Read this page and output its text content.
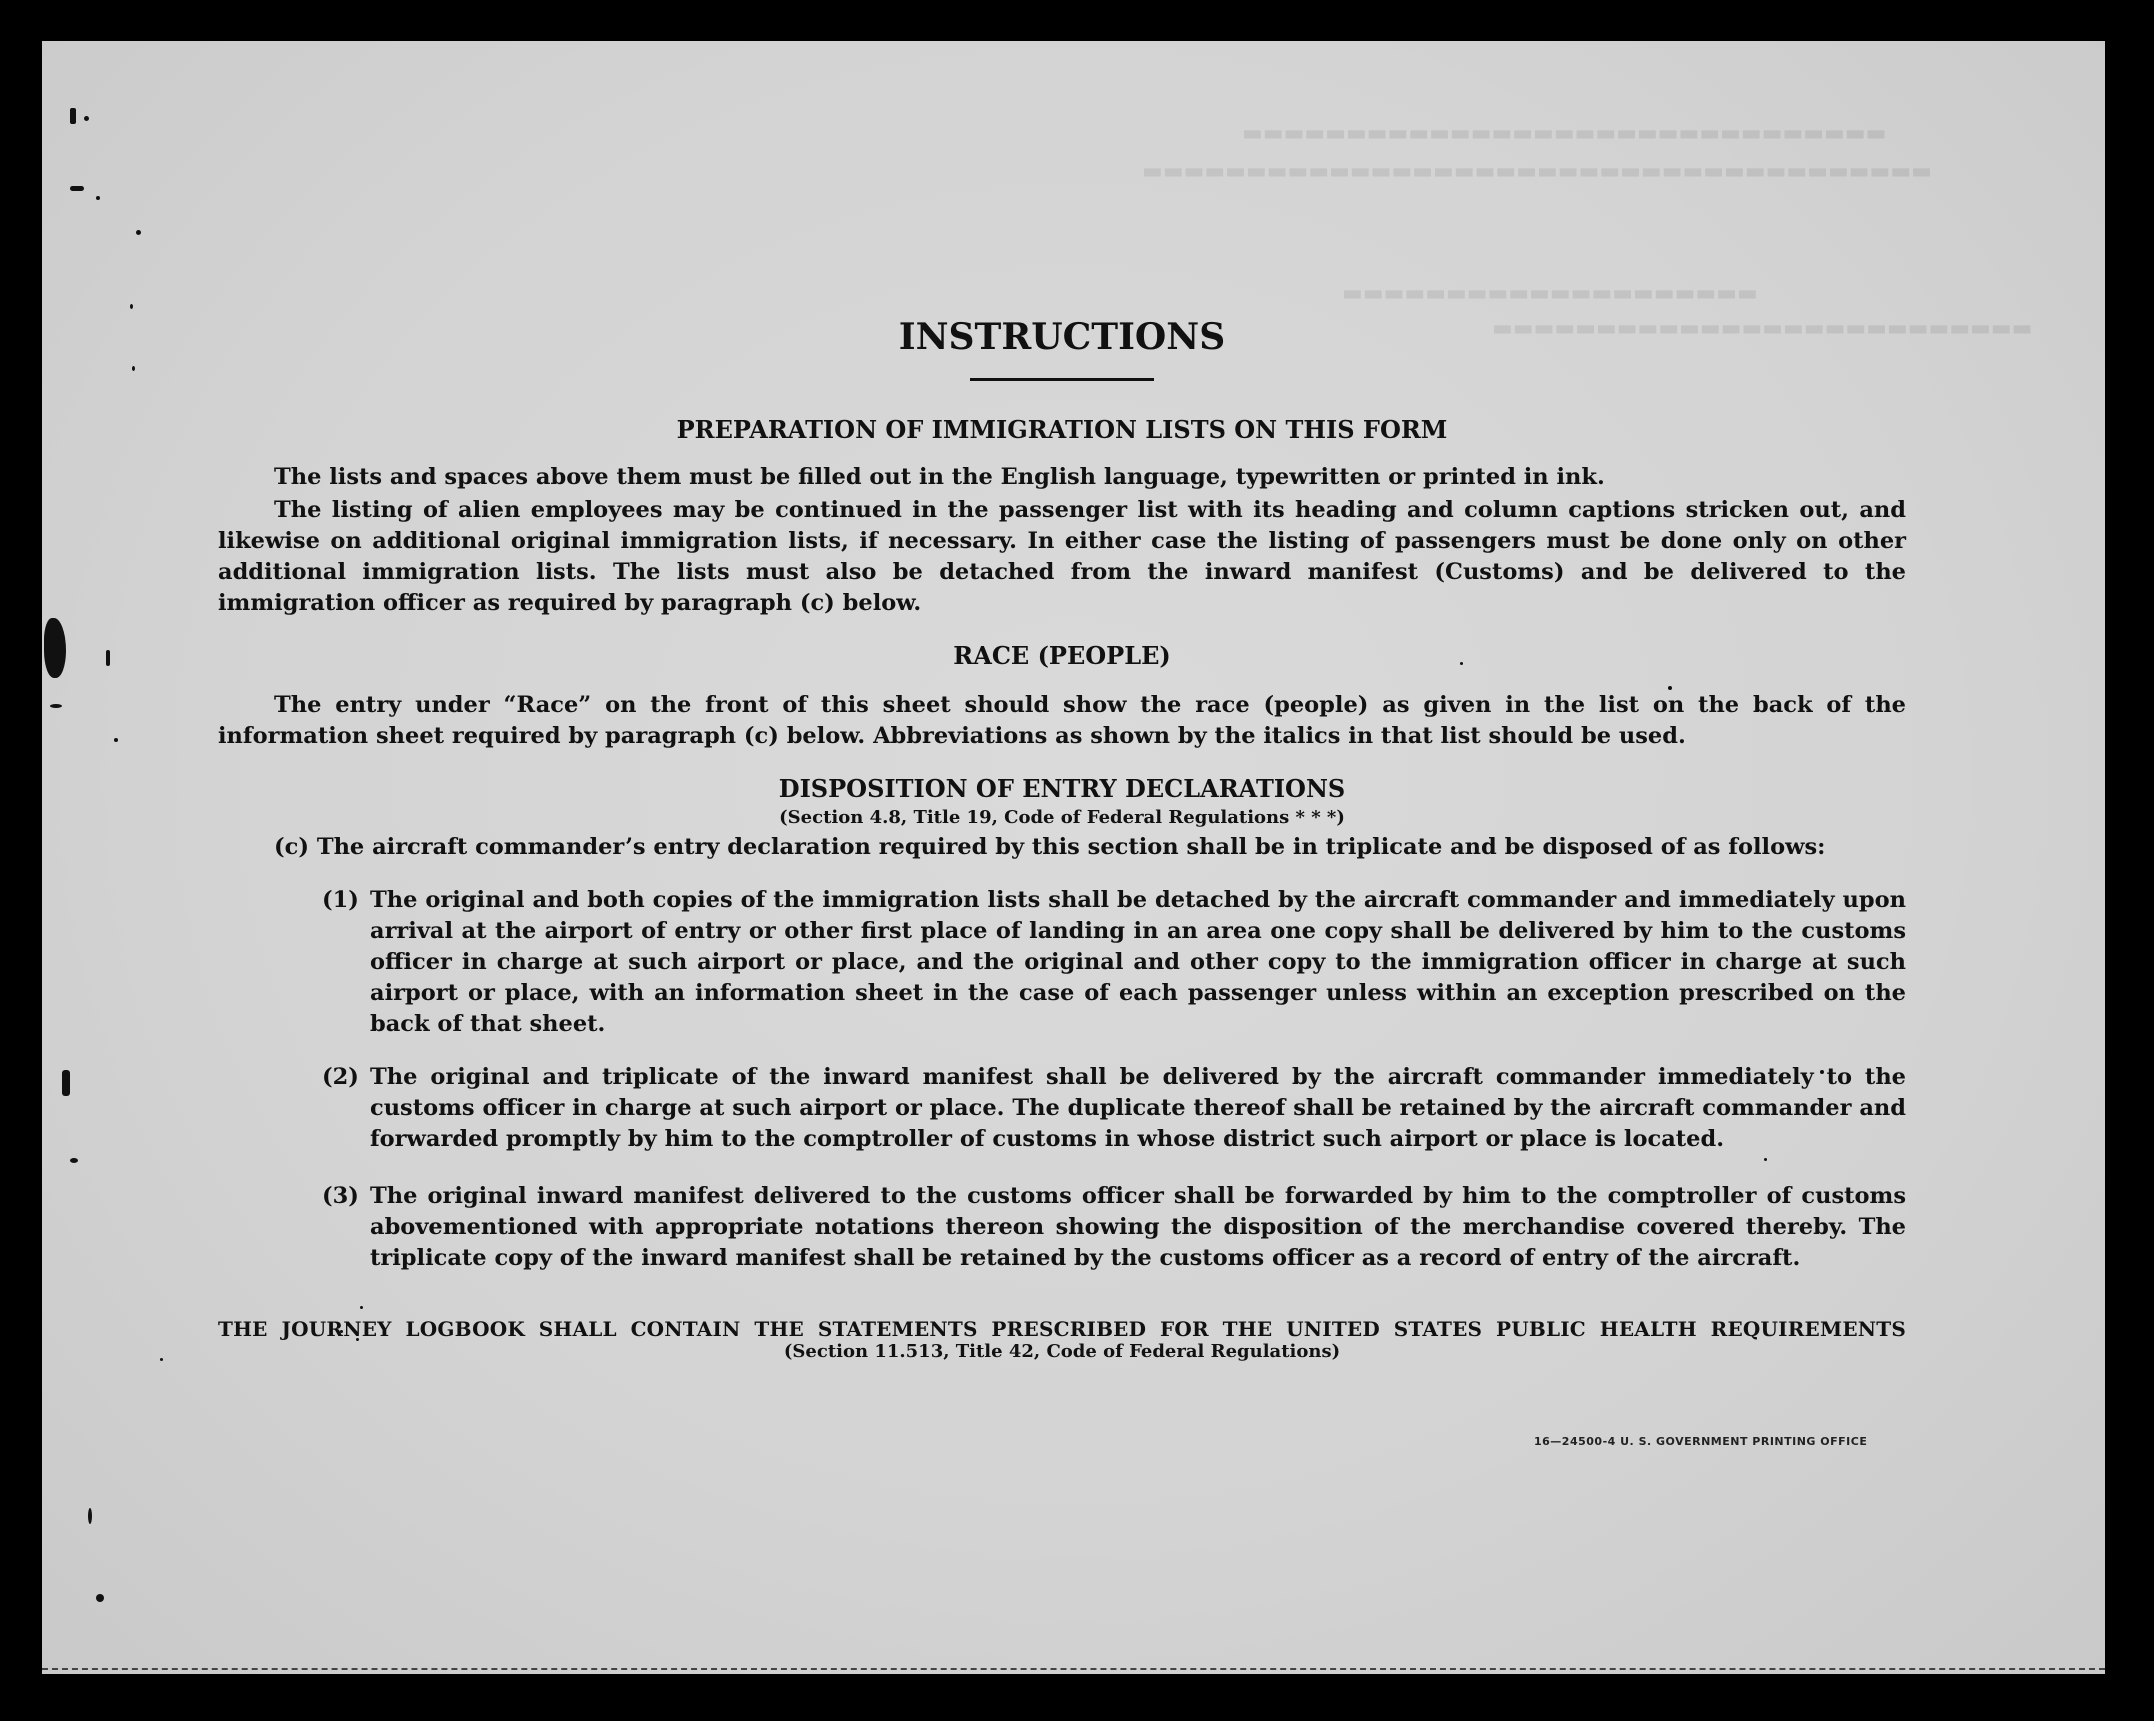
▬▬▬▬▬▬▬▬▬▬▬▬▬▬▬▬▬▬▬▬▬▬▬▬▬▬▬▬▬▬▬
▬▬▬▬▬▬▬▬▬▬▬▬▬▬▬▬▬▬▬▬▬▬▬▬▬▬▬▬▬▬▬▬▬▬▬▬▬▬
▬▬▬▬▬▬▬▬▬▬▬▬▬▬▬▬▬▬▬▬
▬▬▬▬▬▬▬▬▬▬▬▬▬▬▬▬▬▬▬▬▬▬▬▬▬▬
INSTRUCTIONS
PREPARATION OF IMMIGRATION LISTS ON THIS FORM

The lists and spaces above them must be filled out in the English language, typewritten or printed in ink.

The listing of alien employees may be continued in the passenger list with its heading and column captions stricken out, and likewise on additional original immigration lists, if necessary. In either case the listing of passengers must be done only on other additional immigration lists. The lists must also be detached from the inward manifest (Customs) and be delivered to the immigration officer as required by paragraph (c) below.

RACE (PEOPLE)

The entry under “Race” on the front of this sheet should show the race (people) as given in the list on the back of the information sheet required by paragraph (c) below. Abbreviations as shown by the italics in that list should be used.

DISPOSITION OF ENTRY DECLARATIONS
(Section 4.8, Title 19, Code of Federal Regulations * * *)

(c) The aircraft commander’s entry declaration required by this section shall be in triplicate and be disposed of as follows:

(1) The original and both copies of the immigration lists shall be detached by the aircraft commander and immediately upon arrival at the airport of entry or other first place of landing in an area one copy shall be delivered by him to the customs officer in charge at such airport or place, and the original and other copy to the immigration officer in charge at such airport or place, with an information sheet in the case of each passenger unless within an exception prescribed on the back of that sheet.
(2) The original and triplicate of the inward manifest shall be delivered by the aircraft commander immediately to the customs officer in charge at such airport or place. The duplicate thereof shall be retained by the aircraft commander and forwarded promptly by him to the comptroller of customs in whose district such airport or place is located.
(3) The original inward manifest delivered to the customs officer shall be forwarded by him to the comptroller of customs abovementioned with appropriate notations thereon showing the disposition of the merchandise covered thereby. The triplicate copy of the inward manifest shall be retained by the customs officer as a record of entry of the aircraft.

THE JOURNEY LOGBOOK SHALL CONTAIN THE STATEMENTS PRESCRIBED FOR THE UNITED STATES PUBLIC HEALTH REQUIREMENTS

(Section 11.513, Title 42, Code of Federal Regulations)
16—24500-4 U. S. GOVERNMENT PRINTING OFFICE
